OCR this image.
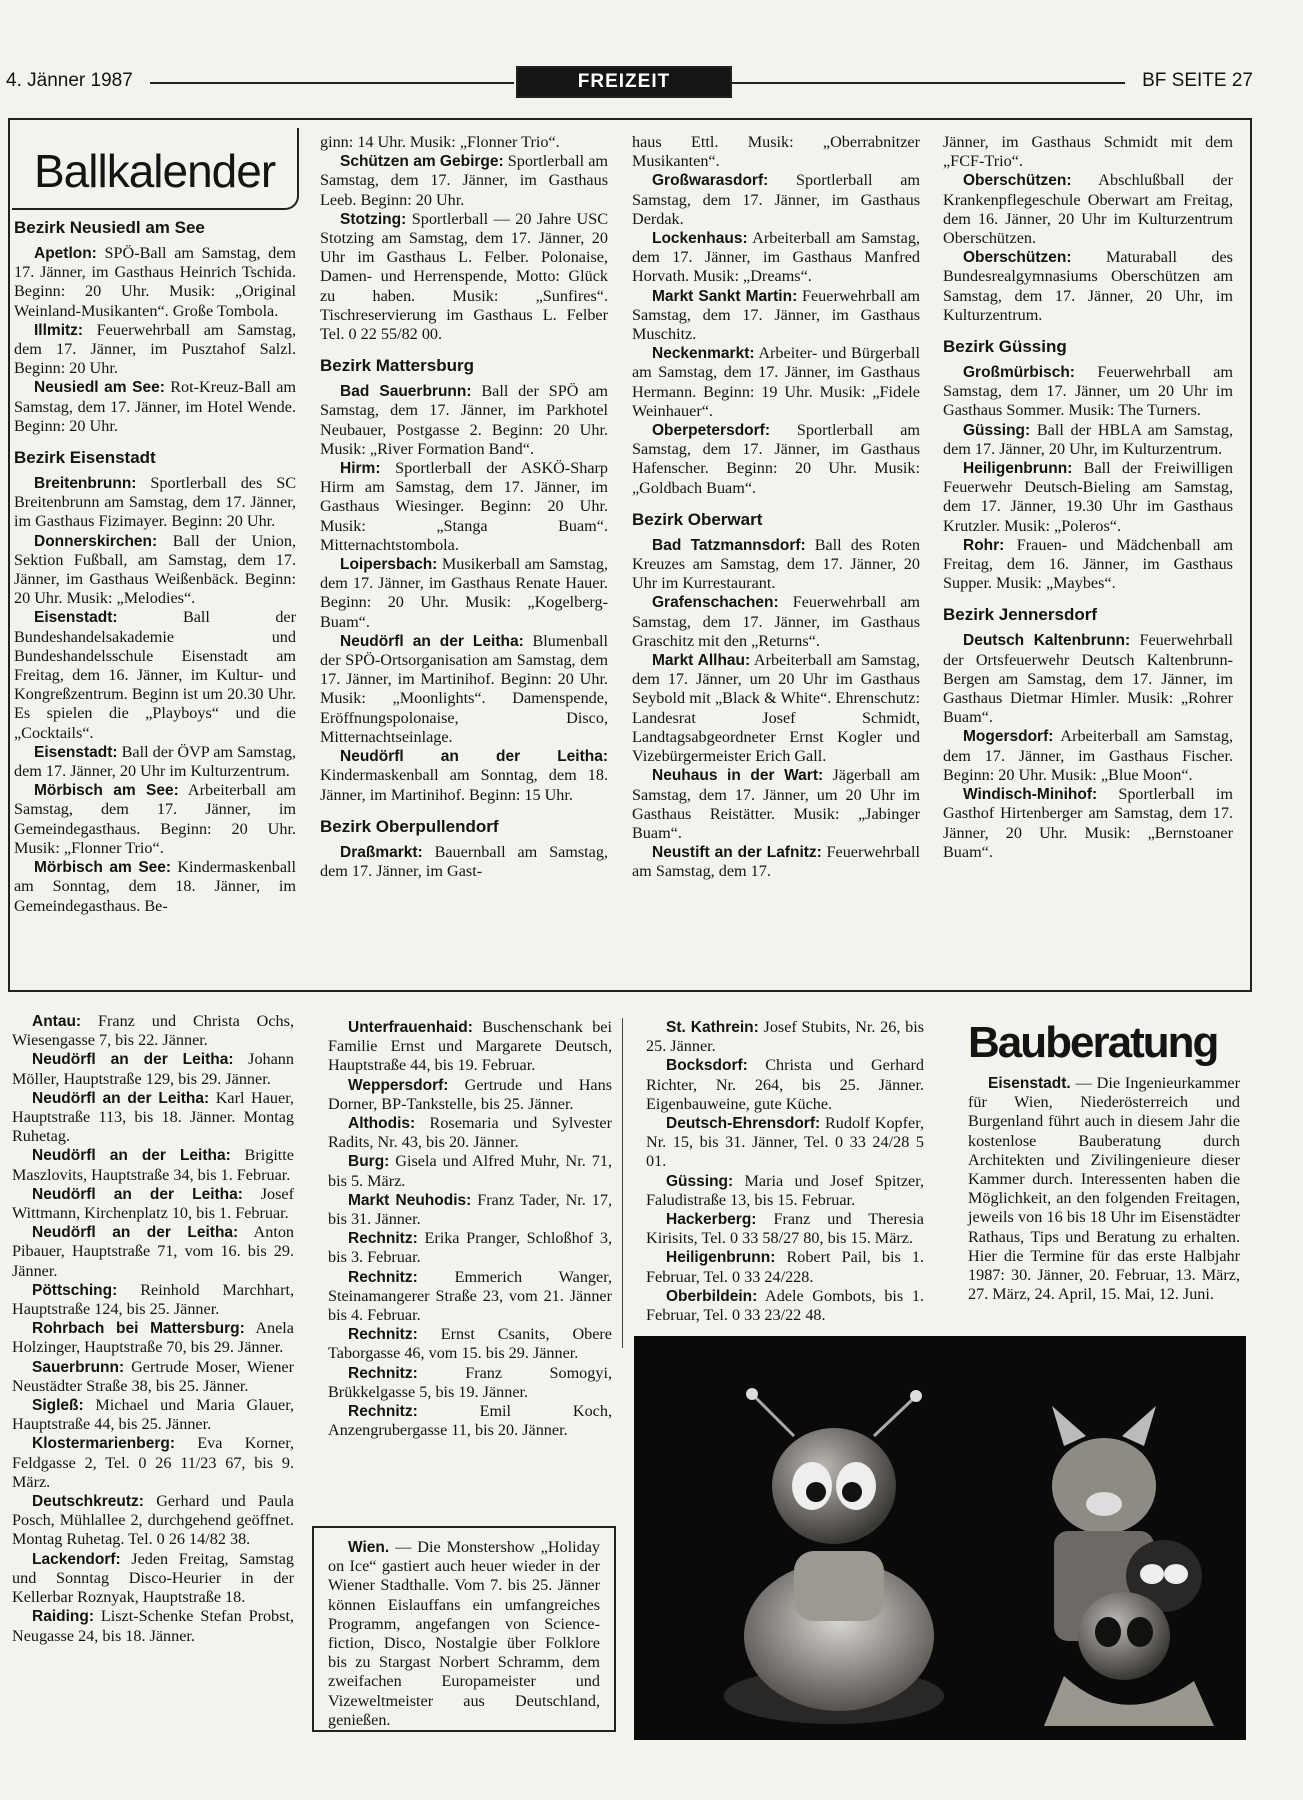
4. Jänner 1987	FREIZEIT	BF SEITE 27
Ballkalender
Bezirk Neusiedl am See

Apetlon: SPÖ-Ball am Samstag, dem 17. Jänner, im Gasthaus Heinrich Tschida. Beginn: 20 Uhr. Musik: „Original Weinland-Musikanten“. Große Tombola.

Illmitz: Feuerwehrball am Samstag, dem 17. Jänner, im Pusztahof Salzl. Beginn: 20 Uhr.

Neusiedl am See: Rot-Kreuz-Ball am Samstag, dem 17. Jänner, im Hotel Wende. Beginn: 20 Uhr.

Bezirk Eisenstadt

Breitenbrunn: Sportlerball des SC Breitenbrunn am Samstag, dem 17. Jänner, im Gasthaus Fizimayer. Beginn: 20 Uhr.

Donnerskirchen: Ball der Union, Sektion Fußball, am Samstag, dem 17. Jänner, im Gasthaus Weißenbäck. Beginn: 20 Uhr. Musik: „Melodies“.

Eisenstadt: Ball der Bundeshandelsakademie und Bundeshandelsschule Eisenstadt am Freitag, dem 16. Jänner, im Kultur- und Kongreßzentrum. Beginn ist um 20.30 Uhr. Es spielen die „Playboys“ und die „Cocktails“.

Eisenstadt: Ball der ÖVP am Samstag, dem 17. Jänner, 20 Uhr im Kulturzentrum.

Mörbisch am See: Arbeiterball am Samstag, dem 17. Jänner, im Gemeindegasthaus. Beginn: 20 Uhr. Musik: „Flonner Trio“.

Mörbisch am See: Kindermaskenball am Sonntag, dem 18. Jänner, im Gemeindegasthaus. Be-

ginn: 14 Uhr. Musik: „Flonner Trio“.

Schützen am Gebirge: Sportlerball am Samstag, dem 17. Jänner, im Gasthaus Leeb. Beginn: 20 Uhr.

Stotzing: Sportlerball — 20 Jahre USC Stotzing am Samstag, dem 17. Jänner, 20 Uhr im Gasthaus L. Felber. Polonaise, Damen- und Herrenspende, Motto: Glück zu haben. Musik: „Sunfires“. Tischreservierung im Gasthaus L. Felber Tel. 0 22 55/82 00.

Bezirk Mattersburg

Bad Sauerbrunn: Ball der SPÖ am Samstag, dem 17. Jänner, im Parkhotel Neubauer, Postgasse 2. Beginn: 20 Uhr. Musik: „River Formation Band“.

Hirm: Sportlerball der ASKÖ-Sharp Hirm am Samstag, dem 17. Jänner, im Gasthaus Wiesinger. Beginn: 20 Uhr. Musik: „Stanga Buam“. Mitternachtstombola.

Loipersbach: Musikerball am Samstag, dem 17. Jänner, im Gasthaus Renate Hauer. Beginn: 20 Uhr. Musik: „Kogelberg-Buam“.

Neudörfl an der Leitha: Blumenball der SPÖ-Ortsorganisation am Samstag, dem 17. Jänner, im Martinihof. Beginn: 20 Uhr. Musik: „Moonlights“. Damenspende, Eröffnungspolonaise, Disco, Mitternachtseinlage.

Neudörfl an der Leitha: Kindermaskenball am Sonntag, dem 18. Jänner, im Martinihof. Beginn: 15 Uhr.

Bezirk Oberpullendorf

Draßmarkt: Bauernball am Samstag, dem 17. Jänner, im Gast-

haus Ettl. Musik: „Oberrabnitzer Musikanten“.

Großwarasdorf: Sportlerball am Samstag, dem 17. Jänner, im Gasthaus Derdak.

Lockenhaus: Arbeiterball am Samstag, dem 17. Jänner, im Gasthaus Manfred Horvath. Musik: „Dreams“.

Markt Sankt Martin: Feuerwehrball am Samstag, dem 17. Jänner, im Gasthaus Muschitz.

Neckenmarkt: Arbeiter- und Bürgerball am Samstag, dem 17. Jänner, im Gasthaus Hermann. Beginn: 19 Uhr. Musik: „Fidele Weinhauer“.

Oberpetersdorf: Sportlerball am Samstag, dem 17. Jänner, im Gasthaus Hafenscher. Beginn: 20 Uhr. Musik: „Goldbach Buam“.

Bezirk Oberwart

Bad Tatzmannsdorf: Ball des Roten Kreuzes am Samstag, dem 17. Jänner, 20 Uhr im Kurrestaurant.

Grafenschachen: Feuerwehrball am Samstag, dem 17. Jänner, im Gasthaus Graschitz mit den „Returns“.

Markt Allhau: Arbeiterball am Samstag, dem 17. Jänner, um 20 Uhr im Gasthaus Seybold mit „Black & White“. Ehrenschutz: Landesrat Josef Schmidt, Landtagsabgeordneter Ernst Kogler und Vizebürgermeister Erich Gall.

Neuhaus in der Wart: Jägerball am Samstag, dem 17. Jänner, um 20 Uhr im Gasthaus Reistätter. Musik: „Jabinger Buam“.

Neustift an der Lafnitz: Feuerwehrball am Samstag, dem 17.

Jänner, im Gasthaus Schmidt mit dem „FCF-Trio“.

Oberschützen: Abschlußball der Krankenpflegeschule Oberwart am Freitag, dem 16. Jänner, 20 Uhr im Kulturzentrum Oberschützen.

Oberschützen: Maturaball des Bundesrealgymnasiums Oberschützen am Samstag, dem 17. Jänner, 20 Uhr, im Kulturzentrum.

Bezirk Güssing

Großmürbisch: Feuerwehrball am Samstag, dem 17. Jänner, um 20 Uhr im Gasthaus Sommer. Musik: The Turners.

Güssing: Ball der HBLA am Samstag, dem 17. Jänner, 20 Uhr, im Kulturzentrum.

Heiligenbrunn: Ball der Freiwilligen Feuerwehr Deutsch-Bieling am Samstag, dem 17. Jänner, 19.30 Uhr im Gasthaus Krutzler. Musik: „Poleros“.

Rohr: Frauen- und Mädchenball am Freitag, dem 16. Jänner, im Gasthaus Supper. Musik: „Maybes“.

Bezirk Jennersdorf

Deutsch Kaltenbrunn: Feuerwehrball der Ortsfeuerwehr Deutsch Kaltenbrunn-Bergen am Samstag, dem 17. Jänner, im Gasthaus Dietmar Himler. Musik: „Rohrer Buam“.

Mogersdorf: Arbeiterball am Samstag, dem 17. Jänner, im Gasthaus Fischer. Beginn: 20 Uhr. Musik: „Blue Moon“.

Windisch-Minihof: Sportlerball im Gasthof Hirtenberger am Samstag, dem 17. Jänner, 20 Uhr. Musik: „Bernstoaner Buam“.

Antau: Franz und Christa Ochs, Wiesengasse 7, bis 22. Jänner.

Neudörfl an der Leitha: Johann Möller, Hauptstraße 129, bis 29. Jänner.

Neudörfl an der Leitha: Karl Hauer, Hauptstraße 113, bis 18. Jänner. Montag Ruhetag.

Neudörfl an der Leitha: Brigitte Maszlovits, Hauptstraße 34, bis 1. Februar.

Neudörfl an der Leitha: Josef Wittmann, Kirchenplatz 10, bis 1. Februar.

Neudörfl an der Leitha: Anton Pibauer, Hauptstraße 71, vom 16. bis 29. Jänner.

Pöttsching: Reinhold Marchhart, Hauptstraße 124, bis 25. Jänner.

Rohrbach bei Mattersburg: Anela Holzinger, Hauptstraße 70, bis 29. Jänner.

Sauerbrunn: Gertrude Moser, Wiener Neustädter Straße 38, bis 25. Jänner.

Sigleß: Michael und Maria Glauer, Hauptstraße 44, bis 25. Jänner.

Klostermarienberg: Eva Korner, Feldgasse 2, Tel. 0 26 11/23 67, bis 9. März.

Deutschkreutz: Gerhard und Paula Posch, Mühlallee 2, durchgehend geöffnet. Montag Ruhetag. Tel. 0 26 14/82 38.

Lackendorf: Jeden Freitag, Samstag und Sonntag Disco-Heurier in der Kellerbar Roznyak, Hauptstraße 18.

Raiding: Liszt-Schenke Stefan Probst, Neugasse 24, bis 18. Jänner.

Unterfrauenhaid: Buschenschank bei Familie Ernst und Margarete Deutsch, Hauptstraße 44, bis 19. Februar.

Weppersdorf: Gertrude und Hans Dorner, BP-Tankstelle, bis 25. Jänner.

Althodis: Rosemaria und Sylvester Radits, Nr. 43, bis 20. Jänner.

Burg: Gisela und Alfred Muhr, Nr. 71, bis 5. März.

Markt Neuhodis: Franz Tader, Nr. 17, bis 31. Jänner.

Rechnitz: Erika Pranger, Schloßhof 3, bis 3. Februar.

Rechnitz: Emmerich Wanger, Steinamangerer Straße 23, vom 21. Jänner bis 4. Februar.

Rechnitz: Ernst Csanits, Obere Taborgasse 46, vom 15. bis 29. Jänner.

Rechnitz: Franz Somogyi, Brükkelgasse 5, bis 19. Jänner.

Rechnitz: Emil Koch, Anzengrubergasse 11, bis 20. Jänner.

St. Kathrein: Josef Stubits, Nr. 26, bis 25. Jänner.

Bocksdorf: Christa und Gerhard Richter, Nr. 264, bis 25. Jänner. Eigenbauweine, gute Küche.

Deutsch-Ehrensdorf: Rudolf Kopfer, Nr. 15, bis 31. Jänner, Tel. 0 33 24/28 5 01.

Güssing: Maria und Josef Spitzer, Faludistraße 13, bis 15. Februar.

Hackerberg: Franz und Theresia Kirisits, Tel. 0 33 58/27 80, bis 15. März.

Heiligenbrunn: Robert Pail, bis 1. Februar, Tel. 0 33 24/228.

Oberbildein: Adele Gombots, bis 1. Februar, Tel. 0 33 23/22 48.

Bauberatung

Eisenstadt. — Die Ingenieurkammer für Wien, Niederösterreich und Burgenland führt auch in diesem Jahr die kostenlose Bauberatung durch Architekten und Zivilingenieure dieser Kammer durch. Interessenten haben die Möglichkeit, an den folgenden Freitagen, jeweils von 16 bis 18 Uhr im Eisenstädter Rathaus, Tips und Beratung zu erhalten. Hier die Termine für das erste Halbjahr 1987: 30. Jänner, 20. Februar, 13. März, 27. März, 24. April, 15. Mai, 12. Juni.

Wien. — Die Monstershow „Holiday on Ice“ gastiert auch heuer wieder in der Wiener Stadthalle. Vom 7. bis 25. Jänner können Eislauffans ein umfangreiches Programm, angefangen von Science-fiction, Disco, Nostalgie über Folklore bis zu Stargast Norbert Schramm, dem zweifachen Europameister und Vizeweltmeister aus Deutschland, genießen.
